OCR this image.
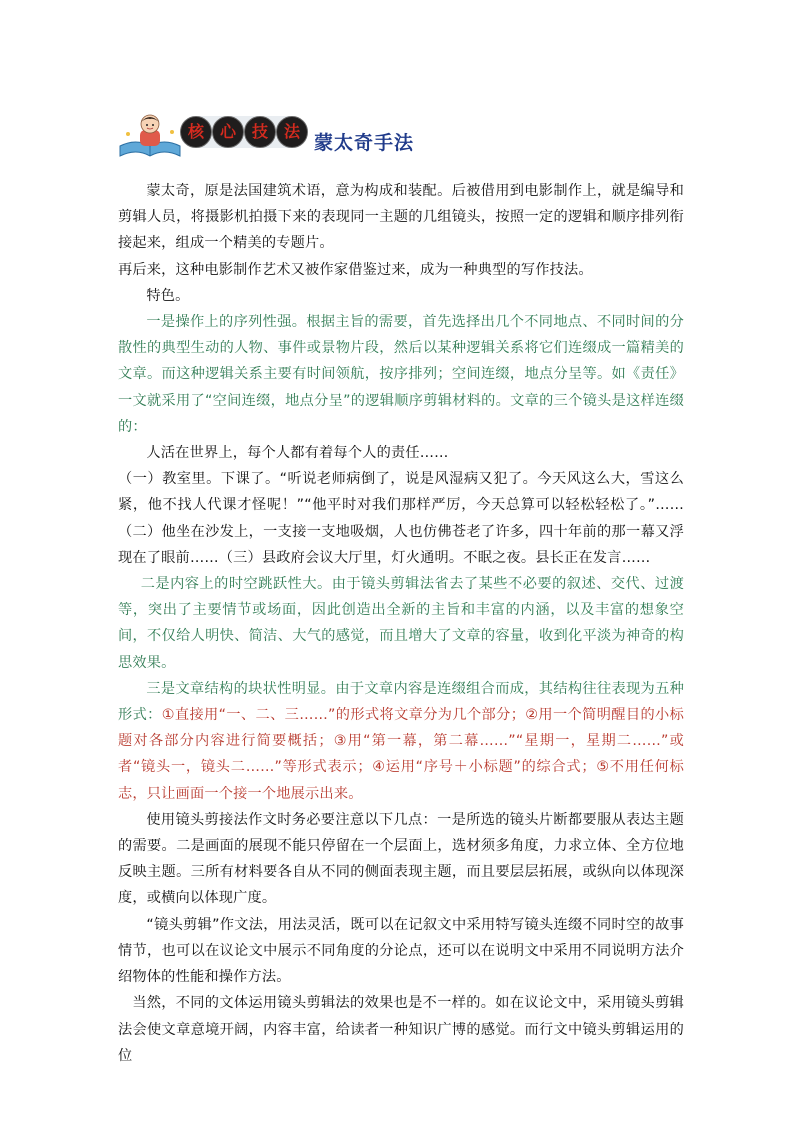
核 心 技 法
蒙太奇手法

蒙太奇，原是法国建筑术语，意为构成和装配。后被借用到电影制作上，就是编导和剪辑人员，将摄影机拍摄下来的表现同一主题的几组镜头，按照一定的逻辑和顺序排列衔接起来，组成一个精美的专题片。

再后来，这种电影制作艺术又被作家借鉴过来，成为一种典型的写作技法。

特色。

一是操作上的序列性强。根据主旨的需要，首先选择出几个不同地点、不同时间的分散性的典型生动的人物、事件或景物片段，然后以某种逻辑关系将它们连缀成一篇精美的文章。而这种逻辑关系主要有时间领航，按序排列；空间连缀，地点分呈等。如《责任》一文就采用了“空间连缀，地点分呈”的逻辑顺序剪辑材料的。文章的三个镜头是这样连缀的：

人活在世界上，每个人都有着每个人的责任……

（一）教室里。下课了。“听说老师病倒了，说是风湿病又犯了。今天风这么大，雪这么紧，他不找人代课才怪呢！”“他平时对我们那样严厉，今天总算可以轻松轻松了。”……（二）他坐在沙发上，一支接一支地吸烟，人也仿佛苍老了许多，四十年前的那一幕又浮现在了眼前……（三）县政府会议大厅里，灯火通明。不眠之夜。县长正在发言……

二是内容上的时空跳跃性大。由于镜头剪辑法省去了某些不必要的叙述、交代、过渡等，突出了主要情节或场面，因此创造出全新的主旨和丰富的内涵，以及丰富的想象空间，不仅给人明快、简洁、大气的感觉，而且增大了文章的容量，收到化平淡为神奇的构思效果。

三是文章结构的块状性明显。由于文章内容是连缀组合而成，其结构往往表现为五种形式：①直接用“一、二、三……”的形式将文章分为几个部分；②用一个简明醒目的小标题对各部分内容进行简要概括；③用“第一幕，第二幕……”“星期一，星期二……”或者“镜头一，镜头二……”等形式表示；④运用“序号＋小标题”的综合式；⑤不用任何标志，只让画面一个接一个地展示出来。

使用镜头剪接法作文时务必要注意以下几点：一是所选的镜头片断都要服从表达主题的需要。二是画面的展现不能只停留在一个层面上，选材须多角度，力求立体、全方位地反映主题。三所有材料要各自从不同的侧面表现主题，而且要层层拓展，或纵向以体现深度，或横向以体现广度。

“镜头剪辑”作文法，用法灵活，既可以在记叙文中采用特写镜头连缀不同时空的故事情节，也可以在议论文中展示不同角度的分论点，还可以在说明文中采用不同说明方法介绍物体的性能和操作方法。

当然，不同的文体运用镜头剪辑法的效果也是不一样的。如在议论文中，采用镜头剪辑法会使文章意境开阔，内容丰富，给读者一种知识广博的感觉。而行文中镜头剪辑运用的位
